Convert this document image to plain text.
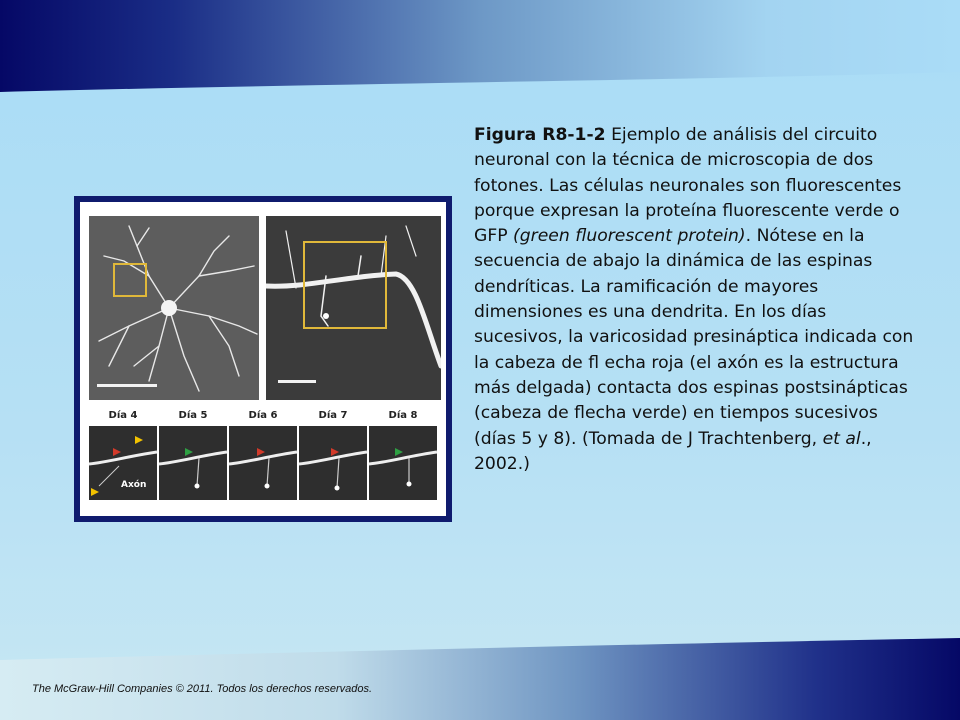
Día 4	Día 5	Día 6	Día 7	Día 8
Axón

Figura R8-1-2 Ejemplo de análisis del circuito neuronal con la técnica de microscopia de dos fotones. Las células neuronales son fluorescentes porque expresan la proteína fluorescente verde o GFP (green fluorescent protein). Nótese en la secuencia de abajo la dinámica de las espinas dendríticas. La ramificación de mayores dimensiones es una dendrita. En los días sucesivos, la varicosidad presináptica indicada con la cabeza de fl echa roja (el axón es la estructura más delgada) contacta dos espinas postsinápticas (cabeza de flecha verde) en tiempos sucesivos (días 5 y 8). (Tomada de J Trachtenberg, et al., 2002.)

The McGraw-Hill Companies © 2011. Todos los derechos reservados.
